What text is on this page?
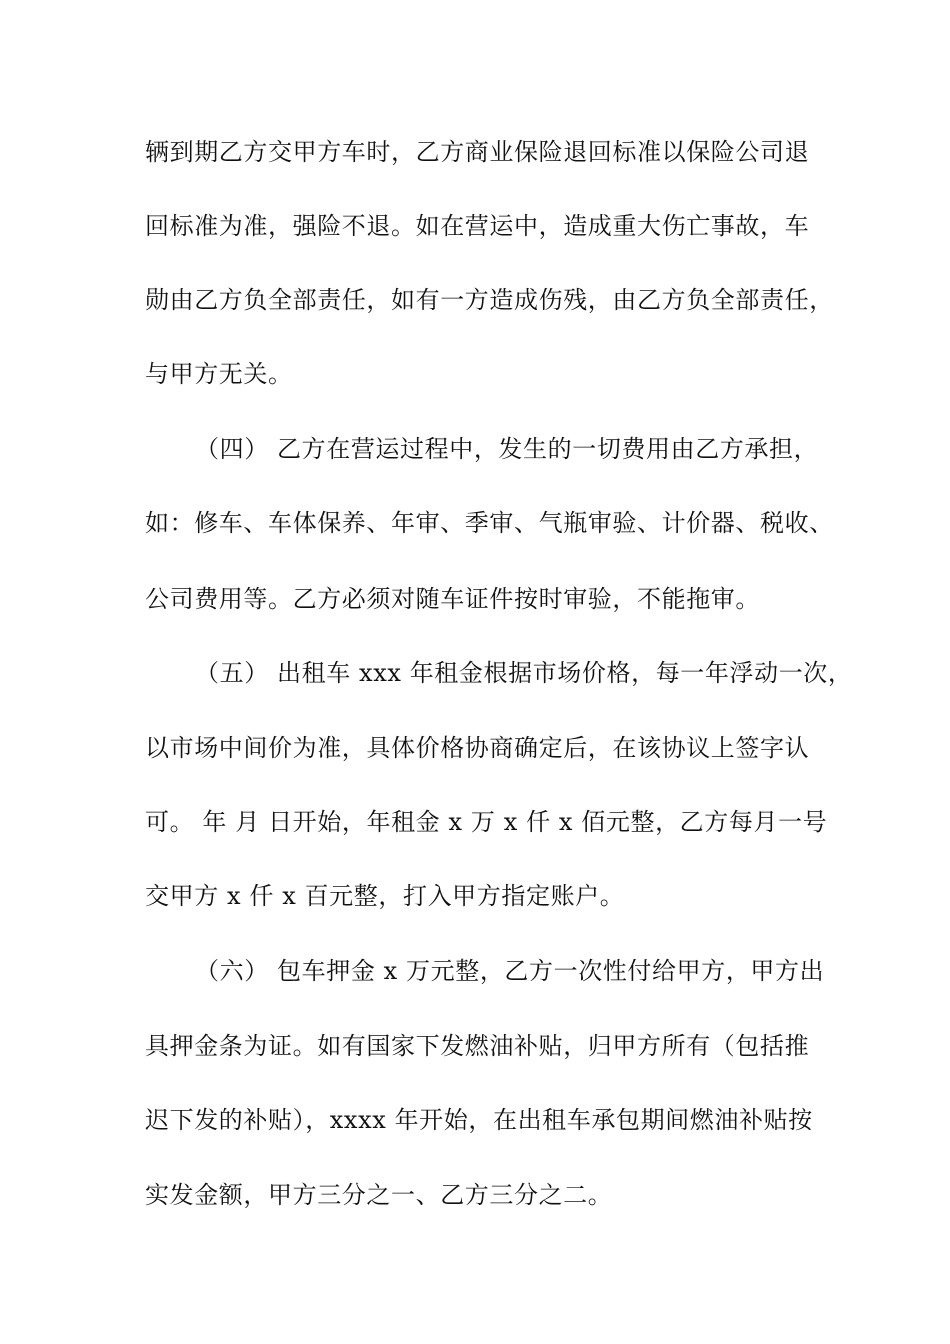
辆到期乙方交甲方车时，乙方商业保险退回标准以保险公司退
回标准为准，强险不退。如在营运中，造成重大伤亡事故，车
勋由乙方负全部责任，如有一方造成伤残，由乙方负全部责任，
与甲方无关。
（四） 乙方在营运过程中，发生的一切费用由乙方承担，
如：修车、车体保养、年审、季审、气瓶审验、计价器、税收、
公司费用等。乙方必须对随车证件按时审验，不能拖审。
（五） 出租车 xxx 年租金根据市场价格，每一年浮动一次，
以市场中间价为准，具体价格协商确定后，在该协议上签字认
可。 年 月 日开始，年租金 x 万 x 仟 x 佰元整，乙方每月一号
交甲方 x 仟 x 百元整，打入甲方指定账户。
（六） 包车押金 x 万元整，乙方一次性付给甲方，甲方出
具押金条为证。如有国家下发燃油补贴，归甲方所有（包括推
迟下发的补贴），xxxx 年开始，在出租车承包期间燃油补贴按
实发金额，甲方三分之一、乙方三分之二。
